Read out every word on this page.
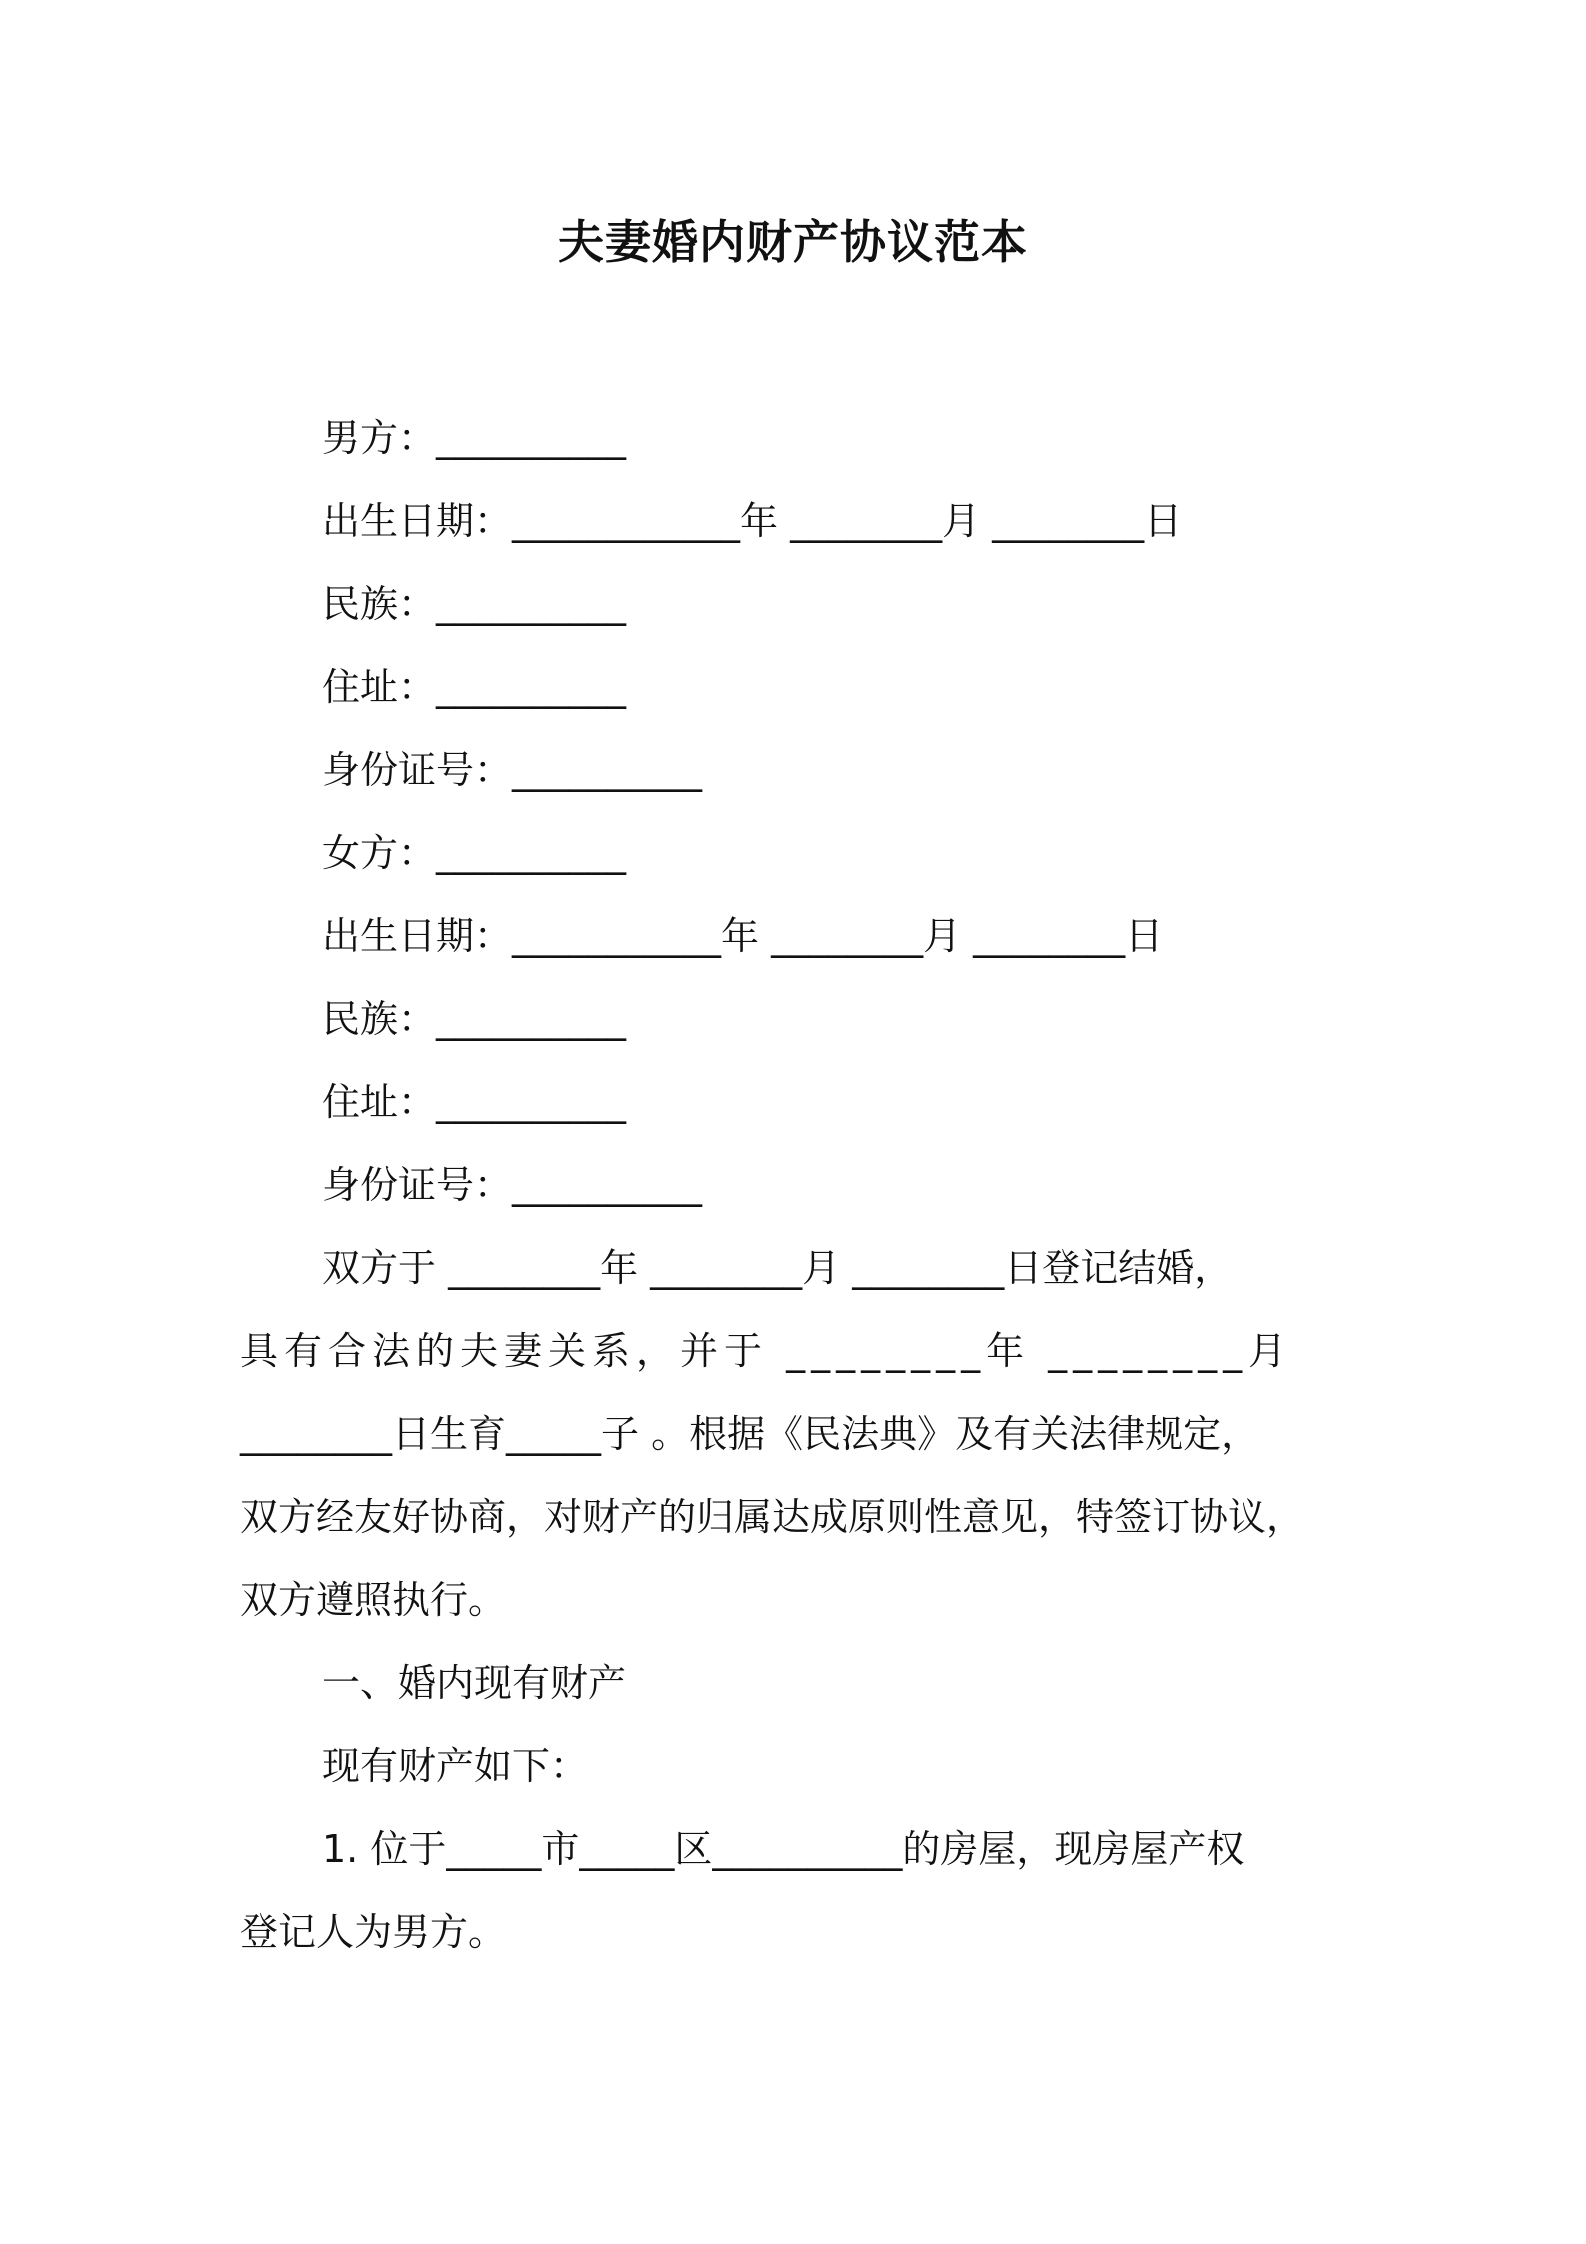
夫妻婚内财产协议范本
男方：__________
出生日期：____________年 ________月 ________日
民族：__________
住址：__________
身份证号：__________
女方：__________
出生日期：___________年 ________月 ________日
民族：__________
住址：__________
身份证号：__________
双方于 ________年 ________月 ________日登记结婚，
具有合法的夫妻关系，并于 ________年 ________月
________日生育_____子 。根据《民法典》及有关法律规定，
双方经友好协商，对财产的归属达成原则性意见，特签订协议，
双方遵照执行。
一、婚内现有财产
现有财产如下：
1. 位于_____市_____区__________的房屋，现房屋产权
登记人为男方。
